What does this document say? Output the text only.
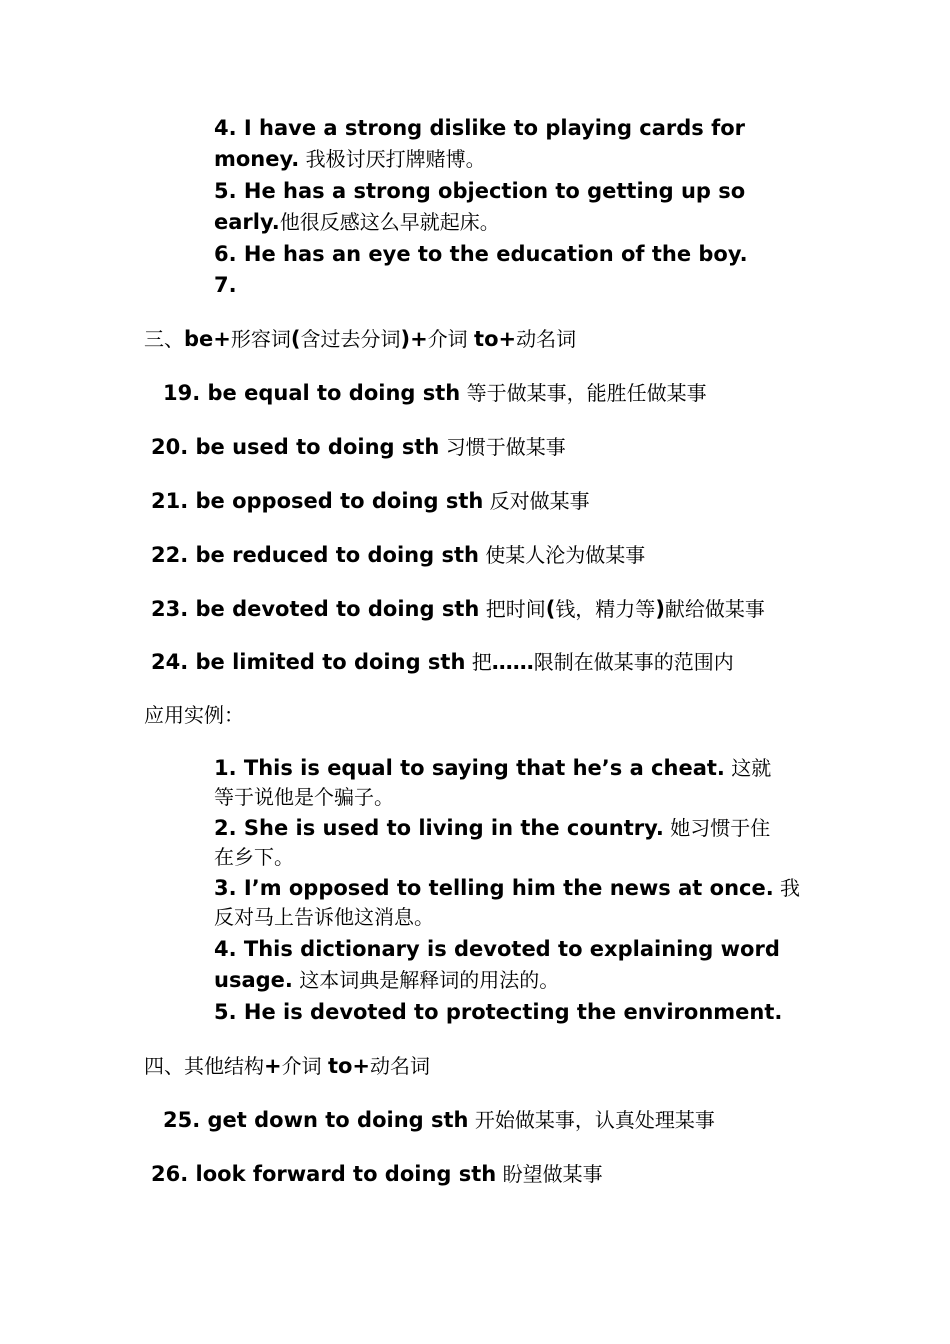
4. I have a strong dislike to playing cards for
money. 我极讨厌打牌赌博。
5. He has a strong objection to getting up so
early.他很反感这么早就起床。
6. He has an eye to the education of the boy.
7.
三、be+形容词(含过去分词)+介词 to+动名词
19. be equal to doing sth 等于做某事，能胜任做某事
20. be used to doing sth 习惯于做某事
21. be opposed to doing sth 反对做某事
22. be reduced to doing sth 使某人沦为做某事
23. be devoted to doing sth 把时间(钱，精力等)献给做某事
24. be limited to doing sth 把……限制在做某事的范围内
应用实例：
1. This is equal to saying that he’s a cheat. 这就
等于说他是个骗子。
2. She is used to living in the country. 她习惯于住
在乡下。
3. I’m opposed to telling him the news at once. 我
反对马上告诉他这消息。
4. This dictionary is devoted to explaining word
usage. 这本词典是解释词的用法的。
5. He is devoted to protecting the environment.
四、其他结构+介词 to+动名词
25. get down to doing sth 开始做某事，认真处理某事
26. look forward to doing sth 盼望做某事
